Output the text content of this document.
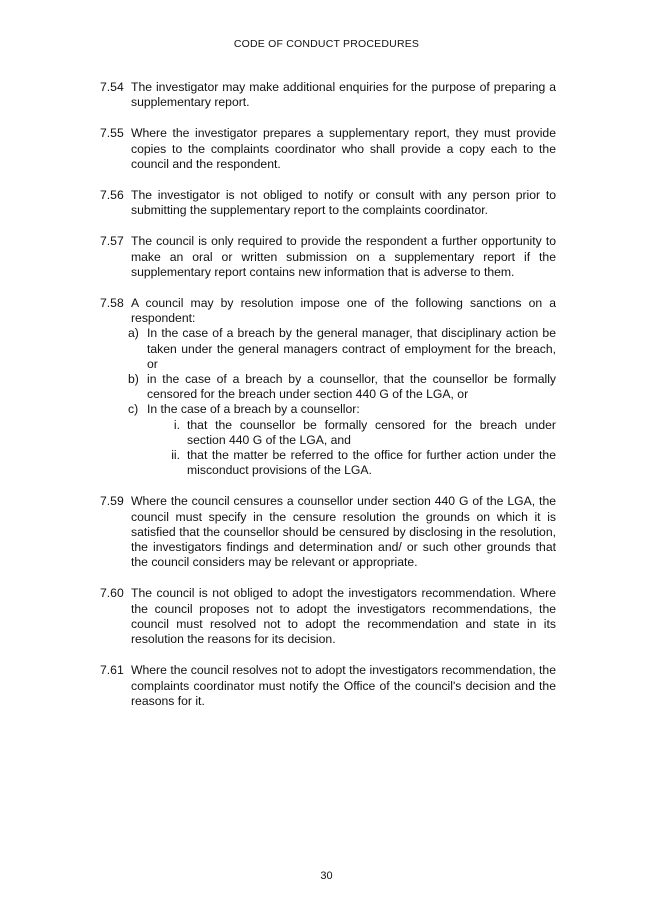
CODE OF CONDUCT PROCEDURES
7.54 The investigator may make additional enquiries for the purpose of preparing a supplementary report.
7.55 Where the investigator prepares a supplementary report, they must provide copies to the complaints coordinator who shall provide a copy each to the council and the respondent.
7.56 The investigator is not obliged to notify or consult with any person prior to submitting the supplementary report to the complaints coordinator.
7.57 The council is only required to provide the respondent a further opportunity to make an oral or written submission on a supplementary report if the supplementary report contains new information that is adverse to them.
7.58 A council may by resolution impose one of the following sanctions on a respondent:
a) In the case of a breach by the general manager, that disciplinary action be taken under the general managers contract of employment for the breach, or
b) in the case of a breach by a counsellor, that the counsellor be formally censored for the breach under section 440 G of the LGA, or
c) In the case of a breach by a counsellor:
i. that the counsellor be formally censored for the breach under section 440 G of the LGA, and
ii. that the matter be referred to the office for further action under the misconduct provisions of the LGA.
7.59 Where the council censures a counsellor under section 440 G of the LGA, the council must specify in the censure resolution the grounds on which it is satisfied that the counsellor should be censured by disclosing in the resolution, the investigators findings and determination and/ or such other grounds that the council considers may be relevant or appropriate.
7.60 The council is not obliged to adopt the investigators recommendation. Where the council proposes not to adopt the investigators recommendations, the council must resolved not to adopt the recommendation and state in its resolution the reasons for its decision.
7.61 Where the council resolves not to adopt the investigators recommendation, the complaints coordinator must notify the Office of the council's decision and the reasons for it.
30
